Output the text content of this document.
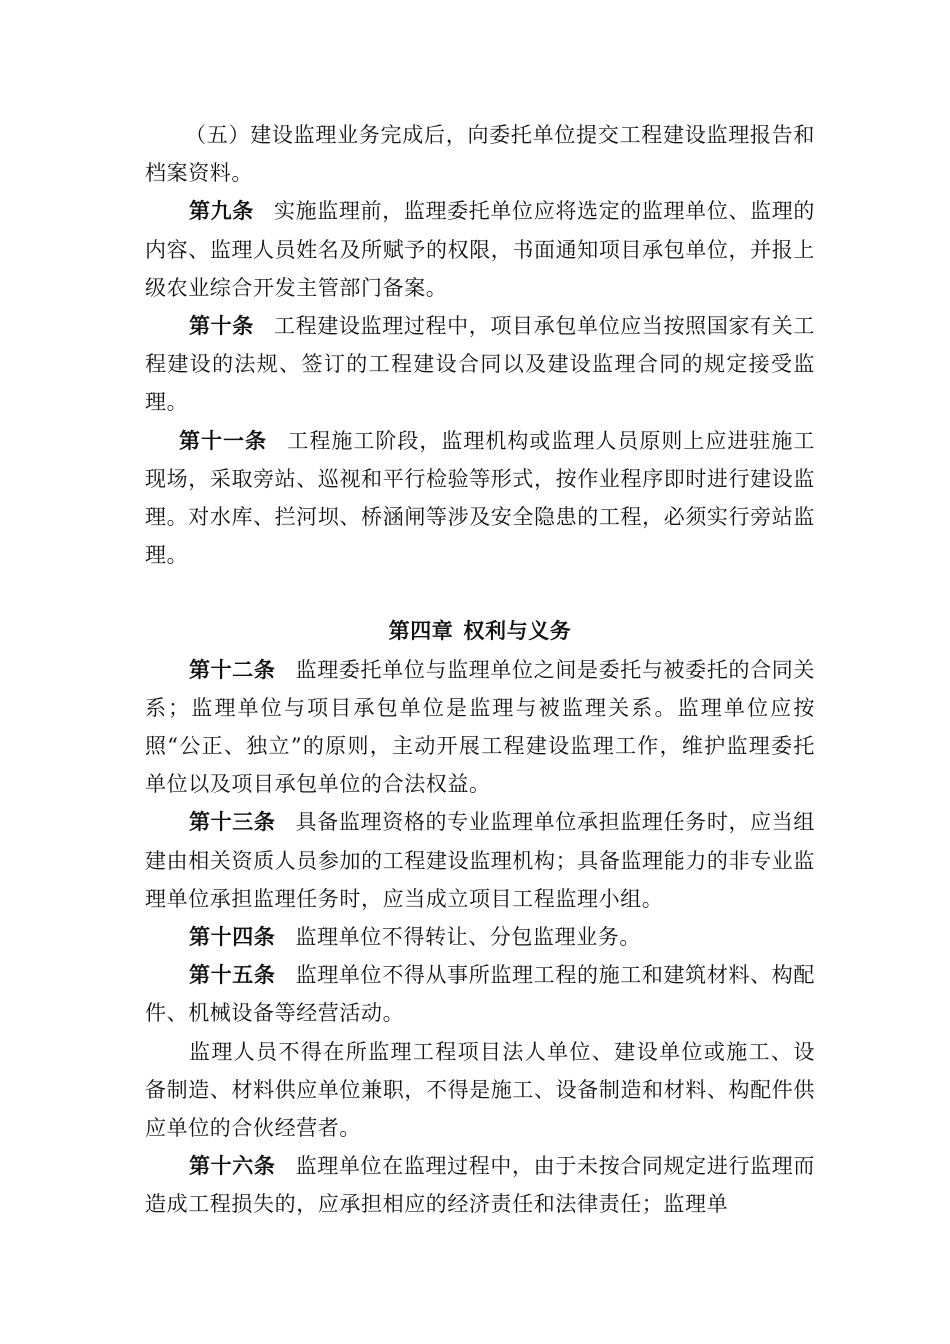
（五）建设监理业务完成后，向委托单位提交工程建设监理报告和档案资料。

第九条 实施监理前，监理委托单位应将选定的监理单位、监理的内容、监理人员姓名及所赋予的权限，书面通知项目承包单位，并报上级农业综合开发主管部门备案。

第十条 工程建设监理过程中，项目承包单位应当按照国家有关工程建设的法规、签订的工程建设合同以及建设监理合同的规定接受监理。

第十一条 工程施工阶段，监理机构或监理人员原则上应进驻施工现场，采取旁站、巡视和平行检验等形式，按作业程序即时进行建设监理。对水库、拦河坝、桥涵闸等涉及安全隐患的工程，必须实行旁站监理。

第四章 权利与义务

第十二条 监理委托单位与监理单位之间是委托与被委托的合同关系；监理单位与项目承包单位是监理与被监理关系。监理单位应按照“公正、独立”的原则，主动开展工程建设监理工作，维护监理委托单位以及项目承包单位的合法权益。

第十三条 具备监理资格的专业监理单位承担监理任务时，应当组建由相关资质人员参加的工程建设监理机构；具备监理能力的非专业监理单位承担监理任务时，应当成立项目工程监理小组。

第十四条 监理单位不得转让、分包监理业务。

第十五条 监理单位不得从事所监理工程的施工和建筑材料、构配件、机械设备等经营活动。

监理人员不得在所监理工程项目法人单位、建设单位或施工、设备制造、材料供应单位兼职，不得是施工、设备制造和材料、构配件供应单位的合伙经营者。

第十六条 监理单位在监理过程中，由于未按合同规定进行监理而造成工程损失的，应承担相应的经济责任和法律责任；监理单
